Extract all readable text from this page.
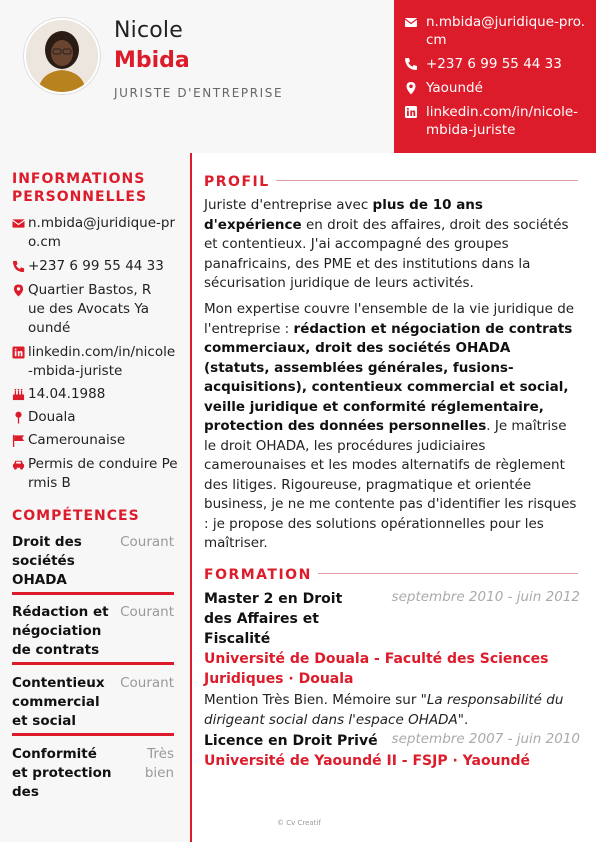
Nicole
Mbida
JURISTE D'ENTREPRISE
n.mbida@juridique-pro.cm
+237 6 99 55 44 33
Yaoundé
linkedin.com/in/nicole-mbida-juriste
INFORMATIONS PERSONNELLES
n.mbida@juridique-pro.cm
+237 6 99 55 44 33
Quartier Bastos, Rue des Avocats Yaoundé
linkedin.com/in/nicole-mbida-juriste
14.04.1988
Douala
Camerounaise
Permis de conduire Permis B
COMPÉTENCES
Droit des sociétés OHADA
Courant
Rédaction et négociation de contrats
Courant
Contentieux commercial et social
Courant
Conformité et protection des
Très bien
PROFIL
Juriste d'entreprise avec plus de 10 ans d'expérience en droit des affaires, droit des sociétés et contentieux. J'ai accompagné des groupes panafricains, des PME et des institutions dans la sécurisation juridique de leurs activités.
Mon expertise couvre l'ensemble de la vie juridique de l'entreprise : rédaction et négociation de contrats commerciaux, droit des sociétés OHADA (statuts, assemblées générales, fusions-acquisitions), contentieux commercial et social, veille juridique et conformité réglementaire, protection des données personnelles. Je maîtrise le droit OHADA, les procédures judiciaires camerounaises et les modes alternatifs de règlement des litiges. Rigoureuse, pragmatique et orientée business, je ne me contente pas d'identifier les risques : je propose des solutions opérationnelles pour les maîtriser.
FORMATION
Master 2 en Droit des Affaires et Fiscalité
septembre 2010 - juin 2012
Université de Douala - Faculté des Sciences Juridiques · Douala
Mention Très Bien. Mémoire sur "La responsabilité du dirigeant social dans l'espace OHADA".
Licence en Droit Privé	septembre 2007 - juin 2010
Université de Yaoundé II - FSJP · Yaoundé
© Cv Creatif
